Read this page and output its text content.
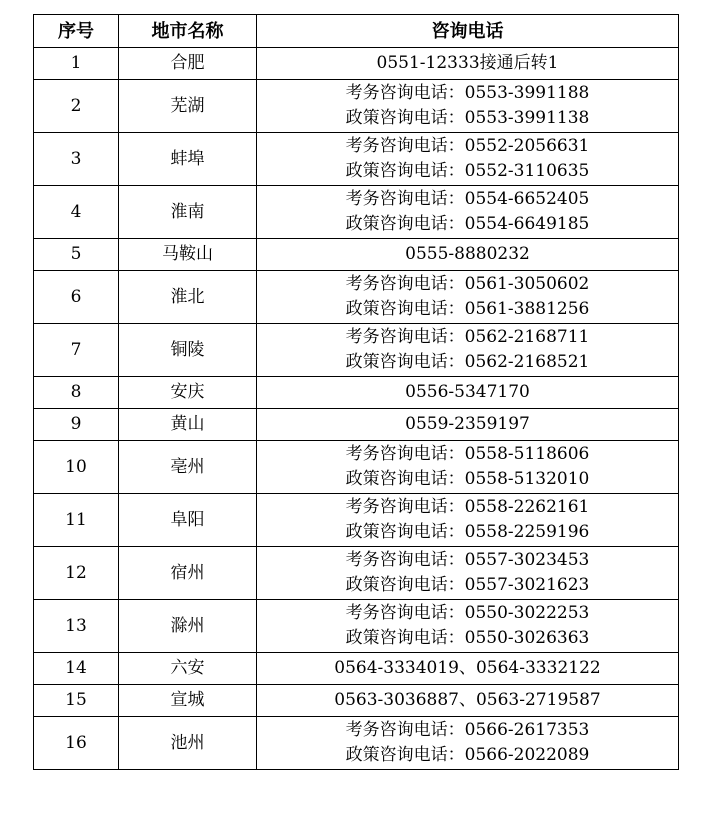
序号	地市名称	咨询电话
1	合肥	0551-12333接通后转1

2	芜湖	考务咨询电话：0553-3991188
政策咨询电话：0553-3991138

3	蚌埠	考务咨询电话：0552-2056631
政策咨询电话：0552-3110635

4	淮南	考务咨询电话：0554-6652405
政策咨询电话：0554-6649185

5	马鞍山	0555-8880232

6	淮北	考务咨询电话：0561-3050602
政策咨询电话：0561-3881256

7	铜陵	考务咨询电话：0562-2168711
政策咨询电话：0562-2168521

8	安庆	0556-5347170

9	黄山	0559-2359197

10	亳州	考务咨询电话：0558-5118606
政策咨询电话：0558-5132010

11	阜阳	考务咨询电话：0558-2262161
政策咨询电话：0558-2259196

12	宿州	考务咨询电话：0557-3023453
政策咨询电话：0557-3021623

13	滁州	考务咨询电话：0550-3022253
政策咨询电话：0550-3026363

14	六安	0564-3334019、0564-3332122

15	宣城	0563-3036887、0563-2719587

16	池州	考务咨询电话：0566-2617353
政策咨询电话：0566-2022089
